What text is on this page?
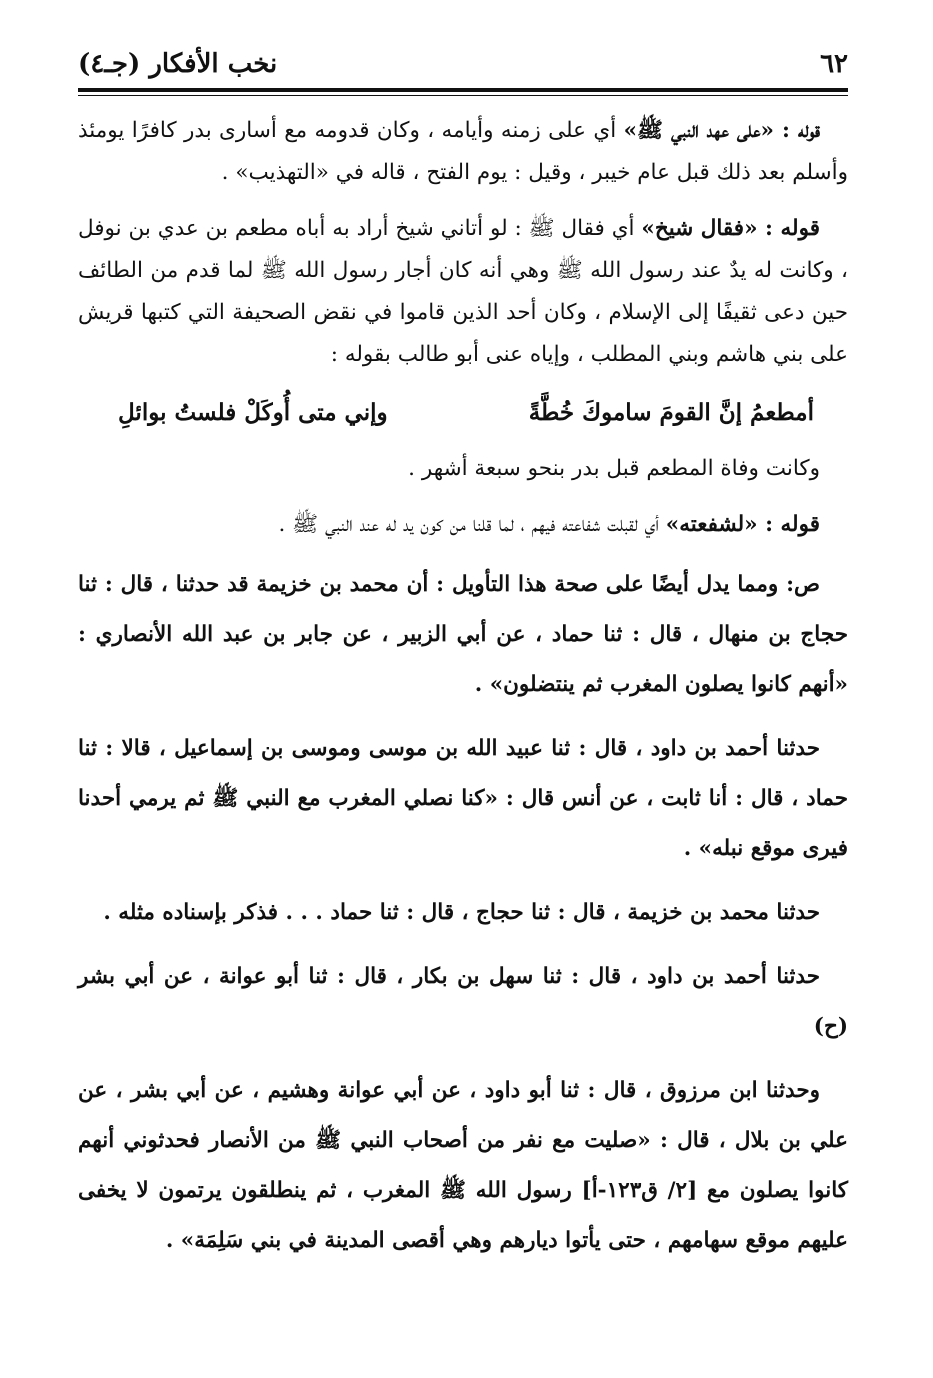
٦٢
نخب الأفكار (جـ٤)

قوله : «على عهد النبي ﷺ» أي على زمنه وأيامه ، وكان قدومه مع أسارى بدر كافرًا يومئذ وأسلم بعد ذلك قبل عام خيبر ، وقيل : يوم الفتح ، قاله في «التهذيب» .

قوله : «فقال شيخ» أي فقال ﷺ : لو أتاني شيخ أراد به أباه مطعم بن عدي بن نوفل ، وكانت له يدٌ عند رسول الله ﷺ وهي أنه كان أجار رسول الله ﷺ لما قدم من الطائف حين دعى ثقيفًا إلى الإسلام ، وكان أحد الذين قاموا في نقض الصحيفة التي كتبها قريش على بني هاشم وبني المطلب ، وإياه عنى أبو طالب بقوله :

أمطعمُ إنَّ القومَ ساموكَ خُطَّةً
وإني متى أُوكَلْ فلستُ بوائلِ

وكانت وفاة المطعم قبل بدر بنحو سبعة أشهر .

قوله : «لشفعته» أي لقبلت شفاعته فيهم ، لما قلنا من كون يد له عند النبي ﷺ .

ص: ومما يدل أيضًا على صحة هذا التأويل : أن محمد بن خزيمة قد حدثنا ، قال : ثنا حجاج بن منهال ، قال : ثنا حماد ، عن أبي الزبير ، عن جابر بن عبد الله الأنصاري : «أنهم كانوا يصلون المغرب ثم ينتضلون» .

حدثنا أحمد بن داود ، قال : ثنا عبيد الله بن موسى وموسى بن إسماعيل ، قالا : ثنا حماد ، قال : أنا ثابت ، عن أنس قال : «كنا نصلي المغرب مع النبي ﷺ ثم يرمي أحدنا فيرى موقع نبله» .

حدثنا محمد بن خزيمة ، قال : ثنا حجاج ، قال : ثنا حماد . . . فذكر بإسناده مثله .

حدثنا أحمد بن داود ، قال : ثنا سهل بن بكار ، قال : ثنا أبو عوانة ، عن أبي بشر (ح)

وحدثنا ابن مرزوق ، قال : ثنا أبو داود ، عن أبي عوانة وهشيم ، عن أبي بشر ، عن علي بن بلال ، قال : «صليت مع نفر من أصحاب النبي ﷺ من الأنصار فحدثوني أنهم كانوا يصلون مع [٢/ ق١٢٣-أ] رسول الله ﷺ المغرب ، ثم ينطلقون يرتمون لا يخفى عليهم موقع سهامهم ، حتى يأتوا ديارهم وهي أقصى المدينة في بني سَلِمَة» .
